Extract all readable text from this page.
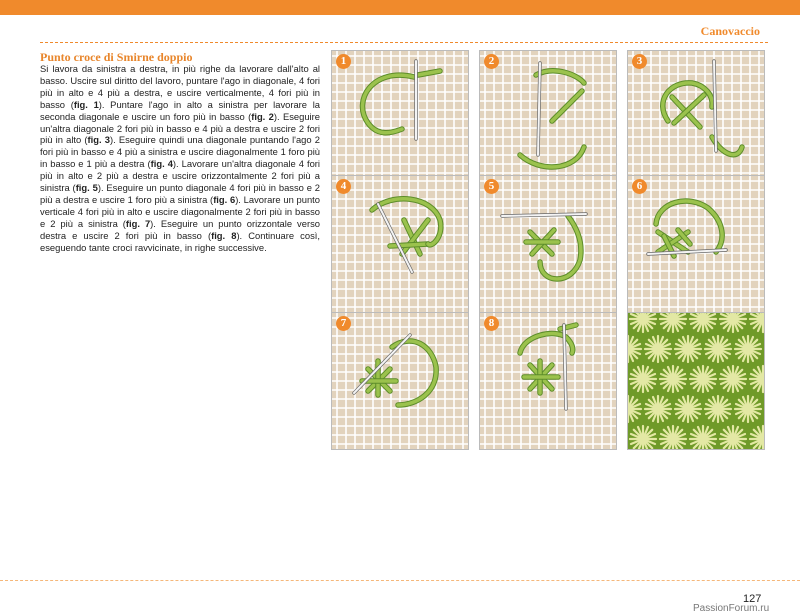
Canovaccio
Punto croce di Smirne doppio
Si lavora da sinistra a destra, in più righe da lavorare dall'alto al basso. Uscire sul diritto del lavoro, puntare l'ago in diagonale, 4 fori più in alto e 4 più a destra, e uscire verticalmente, 4 fori più in basso (fig. 1). Puntare l'ago in alto a sinistra per lavorare la seconda diagonale e uscire un foro più in basso (fig. 2). Eseguire un'altra diagonale 2 fori più in basso e 4 più a destra e uscire 2 fori più in alto (fig. 3). Eseguire quindi una diagonale puntando l'ago 2 fori più in basso e 4 più a sinistra e uscire diagonalmente 1 foro più in basso e 1 più a destra (fig. 4). Lavorare un'altra diagonale 4 fori più in alto e 2 più a destra e uscire orizzontalmente 2 fori più a sinistra (fig. 5). Eseguire un punto diagonale 4 fori più in basso e 2 più a destra e uscire 1 foro più a sinistra (fig. 6). Lavorare un punto verticale 4 fori più in alto e uscire diagonalmente 2 fori più in basso e 2 più a sinistra (fig. 7). Eseguire un punto orizzontale verso destra e uscire 2 fori più in basso (fig. 8). Continuare così, eseguendo tante croci ravvicinate, in righe successive.
1	2	3
4	5	6
7	8
127
PassionForum.ru
